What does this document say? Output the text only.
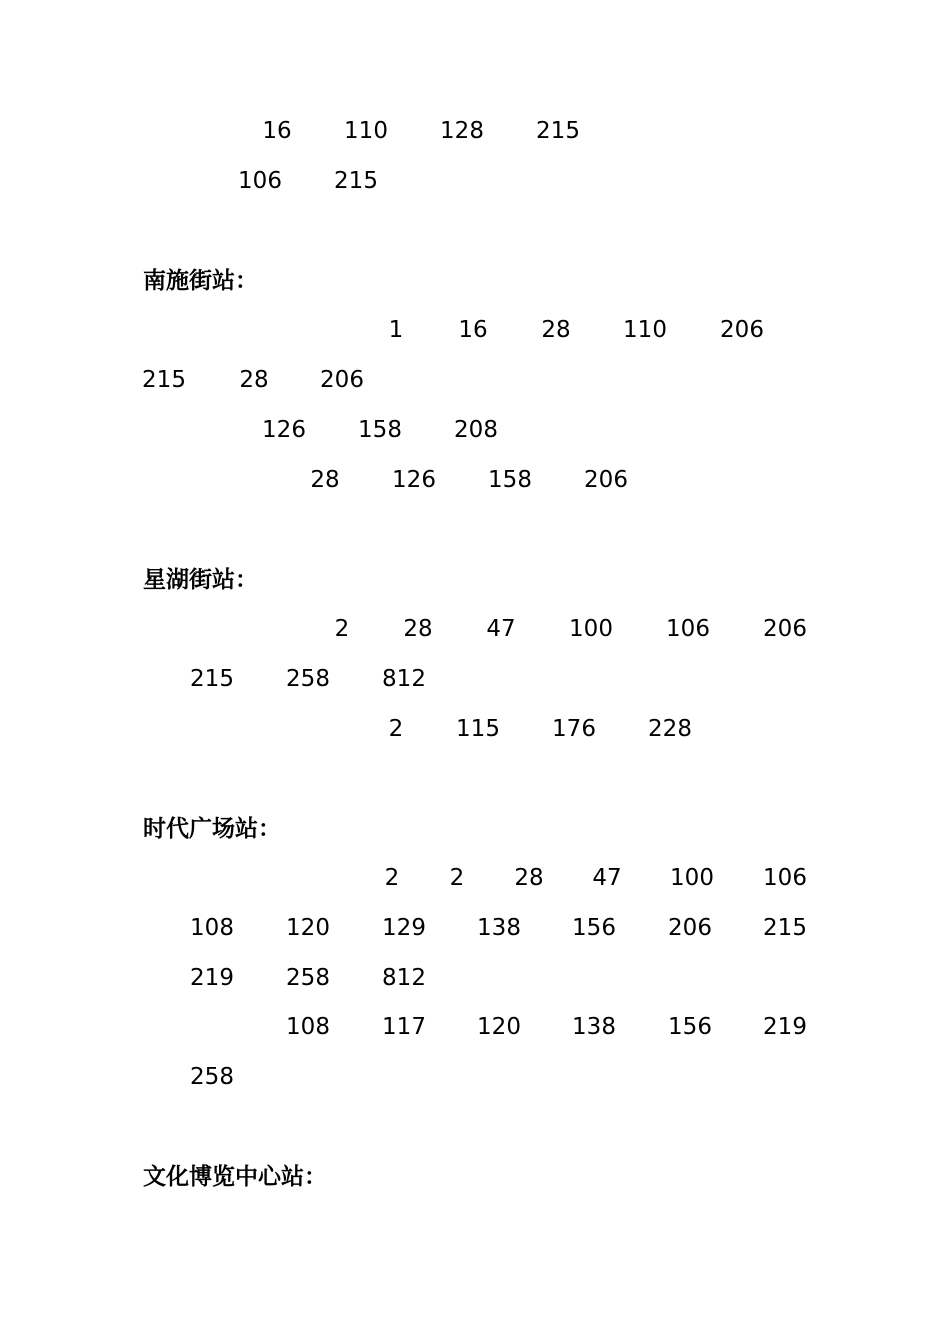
16 110 128 215
106 215
南施街站：
1 16 28 110 206
215 28 206
126 158 208
28 126 158 206
星湖街站：
2 28 47 100 106 206
215 258 812
2 115 176 228
时代广场站：
2 2 28 47 100 106
108 120 129 138 156 206 215
219 258 812
108 117 120 138 156 219
258
文化博览中心站：
